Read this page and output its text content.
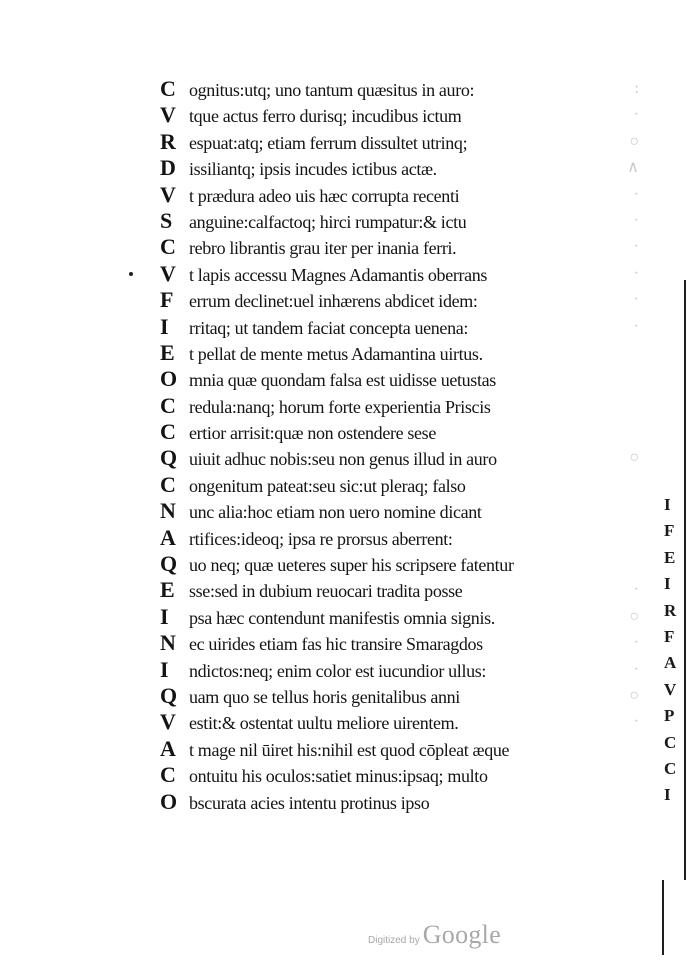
C ognitus:utq; uno tantum quæsitus in auro:
V tque actus ferro durisq; incudibus ictum
R espuat:atq; etiam ferrum dissultet utrinq;
D issiliantq; ipsis incudes ictibus actæ.
V t prædura adeo uis hæc corrupta recenti
S anguine:calfactoq; hirci rumpatur:& ictu
C rebro librantis grau iter per inania ferri.
V t lapis accessu Magnes Adamantis oberrans
F errum declinet:uel inhærens abdicet idem:
I	rritaq; ut tandem faciat concepta uenena:
E t pellat de mente metus Adamantina uirtus.
O mnia quæ quondam falsa est uidisse uetustas
C redula:nanq; horum forte experientia Priscis
C ertior arrisit:quæ non ostendere sese
Q uiuit adhuc nobis:seu non genus illud in auro
C ongenitum pateat:seu sic:ut pleraq; falso
N unc alia:hoc etiam non uero nomine dicant
A rtifices:ideoq; ipsa re prorsus aberrent:
Q uo neq; quæ ueteres super his scripsere fatentur
E sse:sed in dubium reuocari tradita posse
I	psa hæc contendunt manifestis omnia signis.
N ec uirides etiam fas hic transire Smaragdos
I	ndictos:neq; enim color est iucundior ullus:
Q uam quo se tellus horis genitalibus anni
V estit:& ostentat uultu meliore uirentem.
A t mage nil ūiret his:nihil est quod cōpleat æque
C ontuitu his oculos:satiet minus:ipsaq; multo
O bscurata acies intentu protinus ipso
:
·
○
∧
·
·
·
·
·
·
○
·
○
·
·
○
·
I
F
E
I
R
F
A
V
P
C
C
I
Digitized by Google
